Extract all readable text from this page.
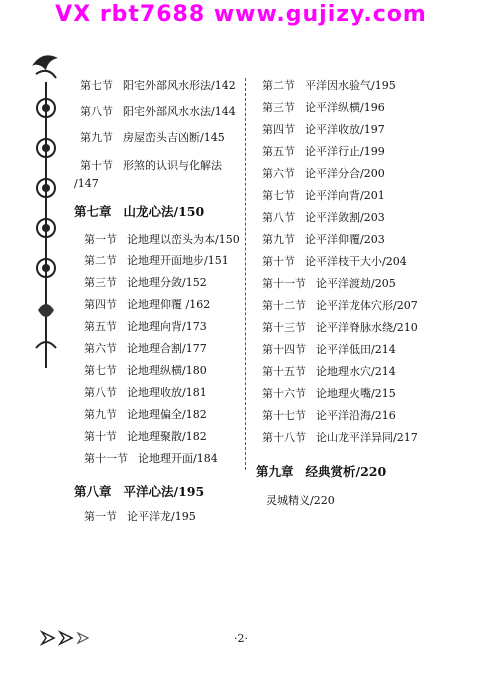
VX rbt7688 www.gujizy.com
第七节 阳宅外部风水形法/142
第八节 阳宅外部风水水法/144
第九节 房屋峦头吉凶断/145
第十节 形煞的认识与化解法
/147
第七章 山龙心法/150
第一节 论地理以峦头为本/150
第二节 论地理开面地步/151
第三节 论地理分敛/152
第四节 论地理仰覆 /162
第五节 论地理向背/173
第六节 论地理合割/177
第七节 论地理纵横/180
第八节 论地理收放/181
第九节 论地理偏全/182
第十节 论地理聚散/182
第十一节 论地理开面/184
第八章 平洋心法/195
第一节 论平洋龙/195
第二节 平洋因水验气/195
第三节 论平洋纵横/196
第四节 论平洋收放/197
第五节 论平洋行止/199
第六节 论平洋分合/200
第七节 论平洋向背/201
第八节 论平洋敛割/203
第九节 论平洋仰覆/203
第十节 论平洋枝干大小/204
第十一节 论平洋渡劫/205
第十二节 论平洋龙体穴形/207
第十三节 论平洋脊脉水绕/210
第十四节 论平洋低田/214
第十五节 论地理水穴/214
第十六节 论地理火嘴/215
第十七节 论平洋沿海/216
第十八节 论山龙平洋异同/217
第九章 经典赏析/220
灵城精义/220
·2·
